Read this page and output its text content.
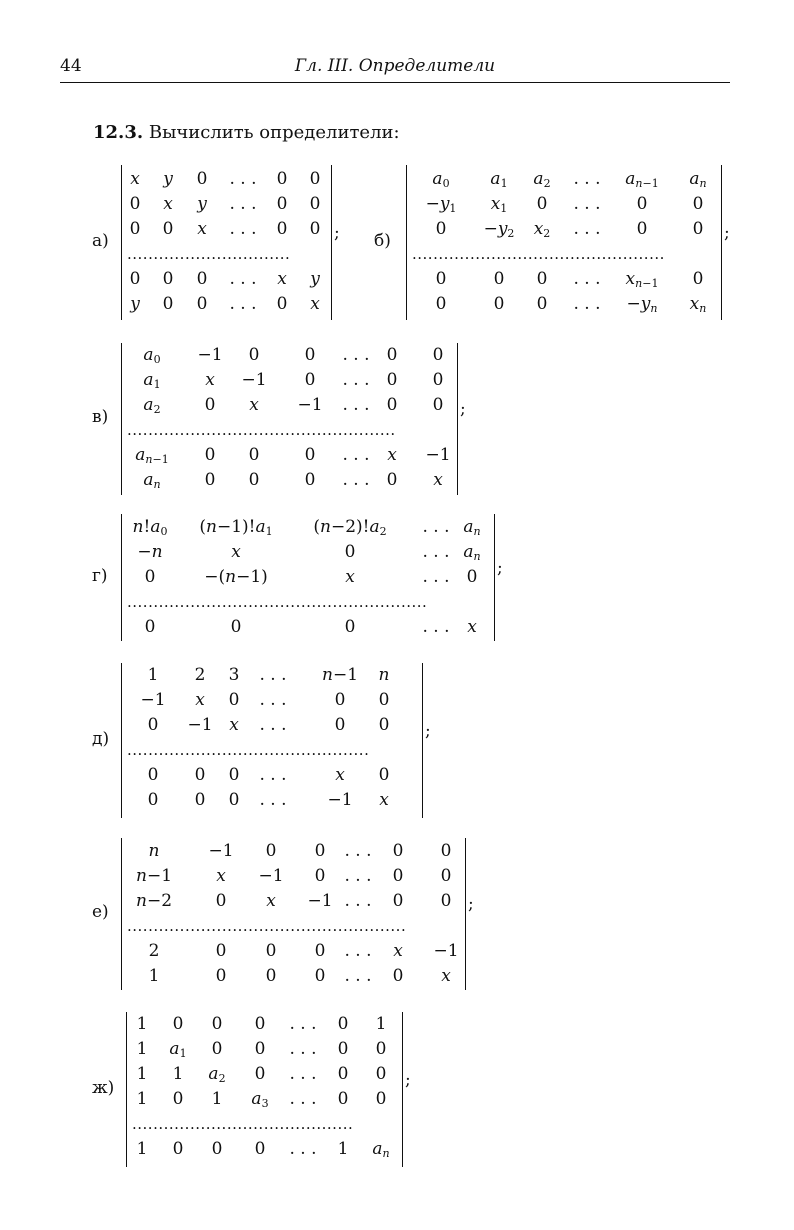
44	Гл. III. Определители
12.3. Вычислить определители:
а)
x y 0 . . . 0 0
0 x y . . . 0 0
0 0 x . . . 0 0
...............................
0 0 0 . . . x y
y 0 0 . . . 0 x
; б)
$a_0$ $a_1$ $a_2$ . . . $a_{n-1}$ $a_n$
$-y_1$ $x_1$ 0 . . . 0	0
$0 -y_2$ $x_2$ . . . 0	0
................................................
0	0 0 . . . $x_{n-1}$ 0
0	0 0 . . . $-y_n$ $x_n$
;
в)
$a_0 -1$ 0	0 . . . 0 0
$a_1$	x −1 0 . . . 0 0
$a_2$	0 x −1 . . . 0 0
...................................................
$a_{n-1}$ 0 0	0 . . . x −1
$a_n$	0 0	0 . . . 0 x
;
г)
$n!a_0$ $(n-1)!a_1$ $(n-2)!a_2$ . . . $a_n$
−n	x	0	. . . $a_n$
0	−(n−1)	x	. . . 0
.........................................................
0	0	0	. . . x
;
д)
1 2 3 . . . n−1 n
−1 x 0 . . .	0 0
0 −1 x . . .	0 0
..............................................
0 0 0 . . .	x 0
0 0 0 . . . −1 x
;
е)
n	−1 0 0 . . . 0 0
n−1	x −1 0 . . . 0 0
n−2	0 x −1 . . . 0 0
.....................................................
2	0 0 0 . . . x −1
1	0 0 0 . . . 0 x
;
ж)
1 0 0 0 . . . 0 1
1 $a_1$ 0 0 . . . 0 0
1 1 $a_2$ 0 . . . 0 0
1 0 1 $a_3$ . . . 0 0
..........................................
1 0 0 0 . . . 1 $a_n$
;
